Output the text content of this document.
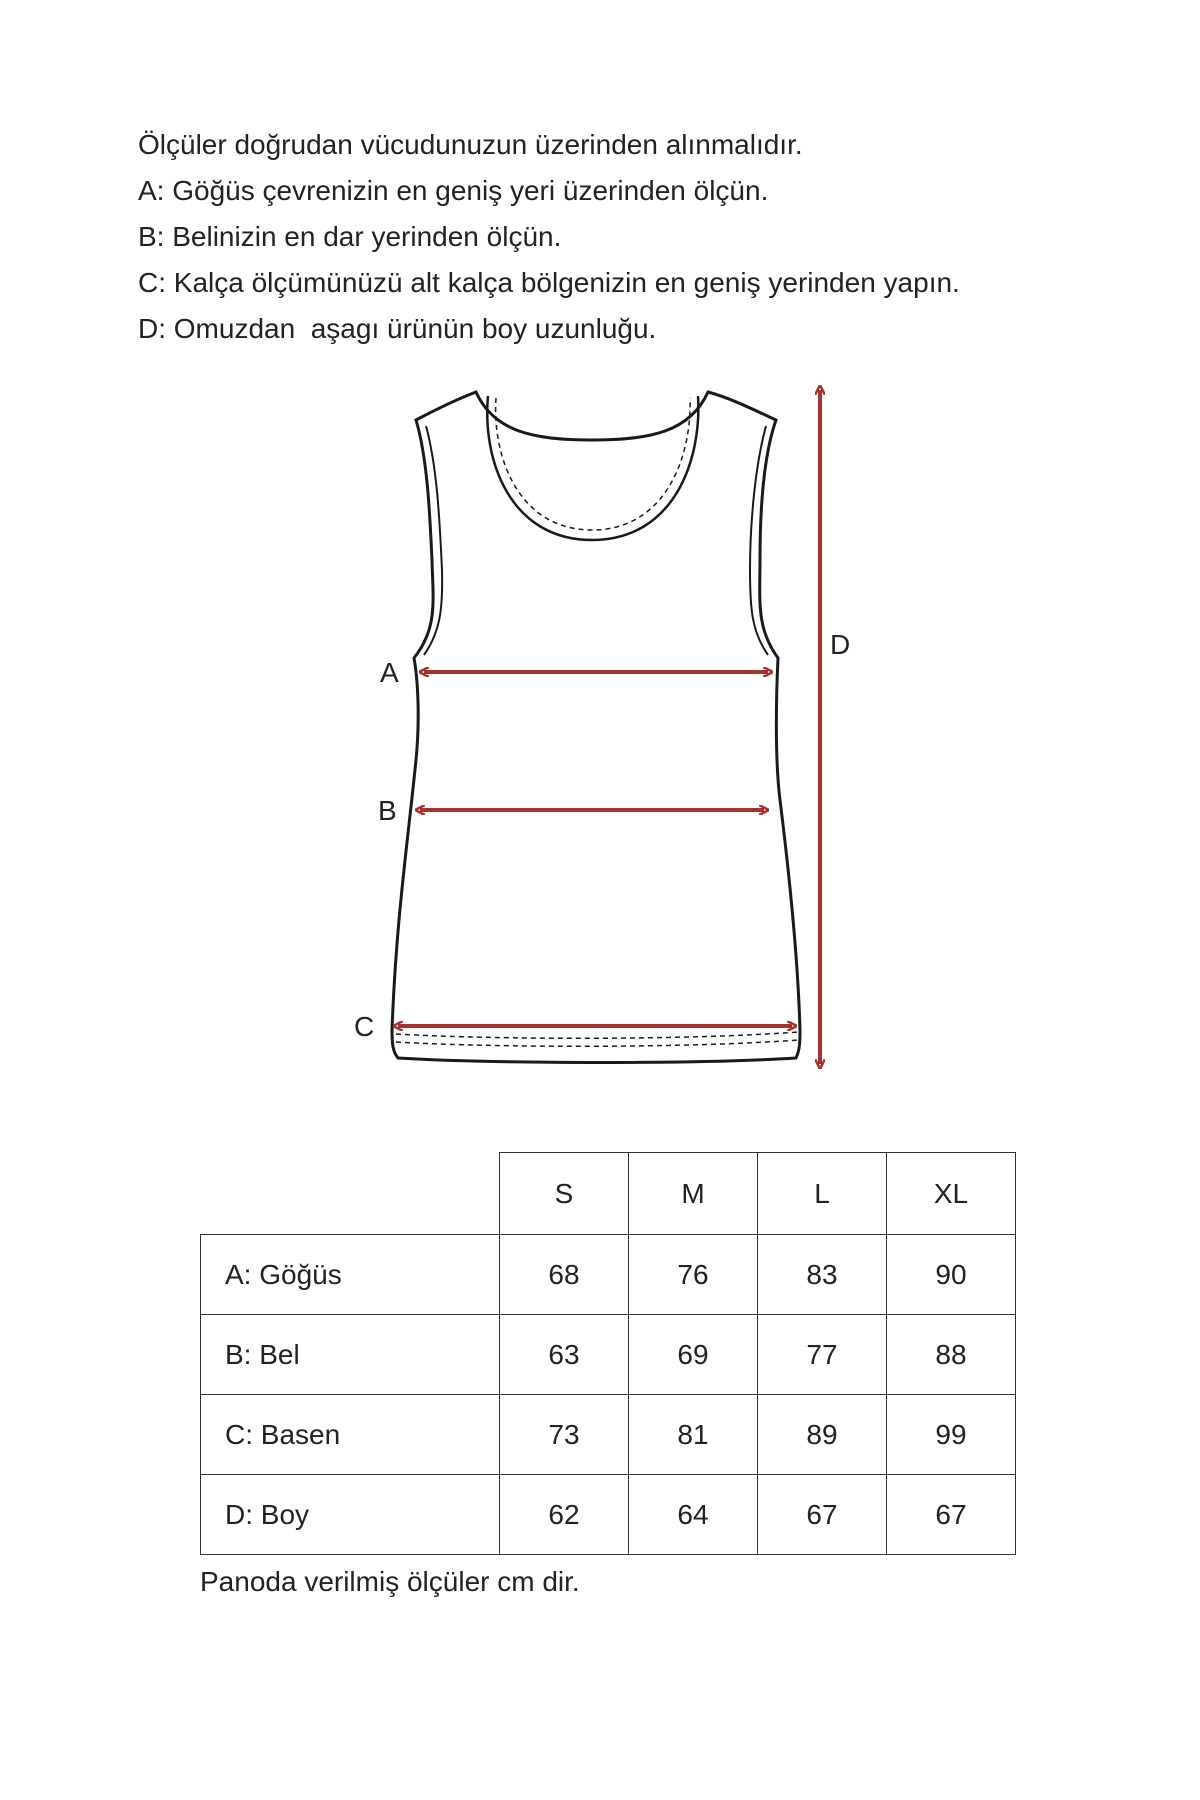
Ölçüler doğrudan vücudunuzun üzerinden alınmalıdır.
A: Göğüs çevrenizin en geniş yeri üzerinden ölçün.
B: Belinizin en dar yerinden ölçün.
C: Kalça ölçümünüzü alt kalça bölgenizin en geniş yerinden yapın.
D: Omuzdan  aşagı ürünün boy uzunluğu.
A
B
C
D
	S	M	L	XL
A: Göğüs	68	76	83	90
B: Bel	63	69	77	88
C: Basen	73	81	89	99
D: Boy	62	64	67	67
Panoda verilmiş ölçüler cm dir.
